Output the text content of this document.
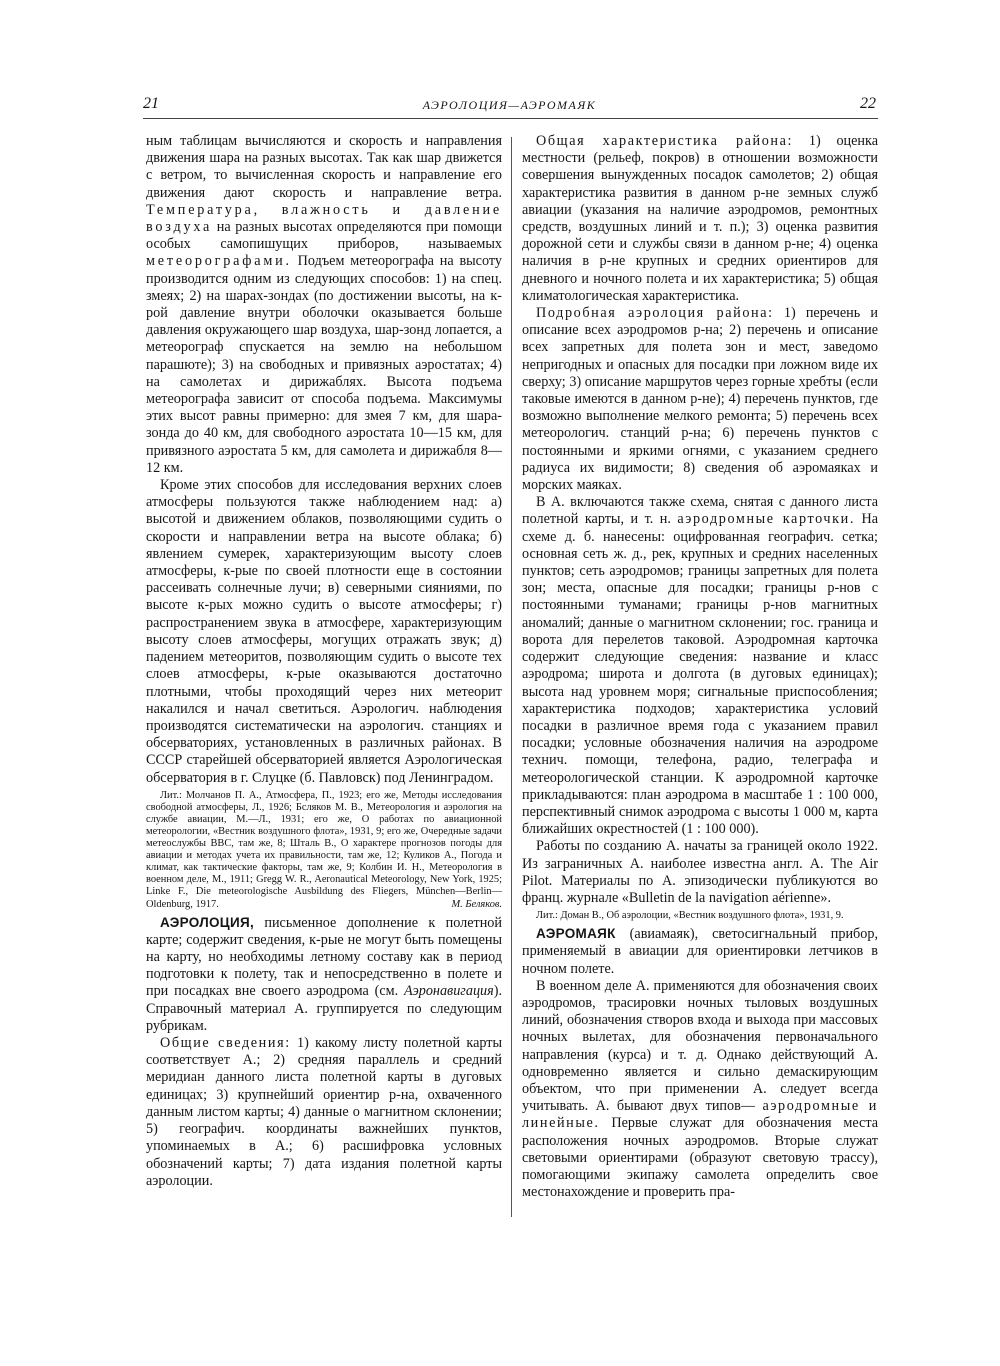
21	АЭРОЛОЦИЯ—АЭРОМАЯК	22

ным таблицам вычисляются и скорость и направления движения шара на разных высотах. Так как шар движется с ветром, то вычисленная скорость и направление его движения дают скорость и направление ветра. Температура, влажность и давление воздуха на разных высотах определяются при помощи особых самопишущих приборов, называемых метеорографами. Подъем метеорографа на высоту производится одним из следующих способов: 1) на спец. змеях; 2) на шарах-зондах (по достижении высоты, на к-рой давление внутри оболочки оказывается больше давления окружающего шар воздуха, шар-зонд лопается, а метеорограф спускается на землю на небольшом парашюте); 3) на свободных и привязных аэростатах; 4) на самолетах и дирижаблях. Высота подъема метеорографа зависит от способа подъема. Максимумы этих высот равны примерно: для змея 7 км, для шара-зонда до 40 км, для свободного аэростата 10—15 км, для привязного аэростата 5 км, для самолета и дирижабля 8—12 км.

Кроме этих способов для исследования верхних слоев атмосферы пользуются также наблюдением над: а) высотой и движением облаков, позволяющими судить о скорости и направлении ветра на высоте облака; б) явлением сумерек, характеризующим высоту слоев атмосферы, к-рые по своей плотности еще в состоянии рассеивать солнечные лучи; в) северными сияниями, по высоте к-рых можно судить о высоте атмосферы; г) распространением звука в атмосфере, характеризующим высоту слоев атмосферы, могущих отражать звук; д) падением метеоритов, позволяющим судить о высоте тех слоев атмосферы, к-рые оказываются достаточно плотными, чтобы проходящий через них метеорит накалился и начал светиться. Аэрологич. наблюдения производятся систематически на аэрологич. станциях и обсерваториях, установленных в различных районах. В СССР старейшей обсерваторией является Аэрологическая обсерватория в г. Слуцке (б. Павловск) под Ленинградом.

Лит.: Молчанов П. А., Атмосфера, П., 1923; его же, Методы исследования свободной атмосферы, Л., 1926; Бсляков М. В., Метеорология и аэрология на службе авиации, М.—Л., 1931; его же, О работах по авиационной метеорологии, «Вестник воздушного флота», 1931, 9; его же, Очередные задачи метеослужбы ВВС, там же, 8; Шталь В., О характере прогнозов погоды для авиации и методах учета их правильности, там же, 12; Куликов А., Погода и климат, как тактические факторы, там же, 9; Колбин И. Н., Метеорология в военном деле, М., 1911; Gregg W. R., Aeronautical Meteorology, New York, 1925; Linke F., Die meteorologische Ausbildung des Fliegers, München—Berlin—Oldenburg, 1917.	М. Беляков.

АЭРОЛОЦИЯ, письменное дополнение к полетной карте; содержит сведения, к-рые не могут быть помещены на карту, но необходимы летному составу как в период подготовки к полету, так и непосредственно в полете и при посадках вне своего аэродрома (см. Аэронавигация). Справочный материал А. группируется по следующим рубрикам.

Общие сведения: 1) какому листу полетной карты соответствует А.; 2) средняя параллель и средний меридиан данного листа полетной карты в дуговых единицах; 3) крупнейший ориентир р-на, охваченного данным листом карты; 4) данные о магнитном склонении; 5) географич. координаты важнейших пунктов, упоминаемых в А.; 6) расшифровка условных обозначений карты; 7) дата издания полетной карты аэролоции.

Общая характеристика района: 1) оценка местности (рельеф, покров) в отношении возможности совершения вынужденных посадок самолетов; 2) общая характеристика развития в данном р-не земных служб авиации (указания на наличие аэродромов, ремонтных средств, воздушных линий и т. п.); 3) оценка развития дорожной сети и службы связи в данном р-не; 4) оценка наличия в р-не крупных и средних ориентиров для дневного и ночного полета и их характеристика; 5) общая климатологическая характеристика.

Подробная аэролоция района: 1) перечень и описание всех аэродромов р-на; 2) перечень и описание всех запретных для полета зон и мест, заведомо непригодных и опасных для посадки при ложном виде их сверху; 3) описание маршрутов через горные хребты (если таковые имеются в данном р-не); 4) перечень пунктов, где возможно выполнение мелкого ремонта; 5) перечень всех метеорологич. станций р-на; 6) перечень пунктов с постоянными и яркими огнями, с указанием среднего радиуса их видимости; 8) сведения об аэромаяках и морских маяках.

В А. включаются также схема, снятая с данного листа полетной карты, и т. н. аэродромные карточки. На схеме д. б. нанесены: оцифрованная географич. сетка; основная сеть ж. д., рек, крупных и средних населенных пунктов; сеть аэродромов; границы запретных для полета зон; места, опасные для посадки; границы р-нов с постоянными туманами; границы р-нов магнитных аномалий; данные о магнитном склонении; гос. граница и ворота для перелетов таковой. Аэродромная карточка содержит следующие сведения: название и класс аэродрома; широта и долгота (в дуговых единицах); высота над уровнем моря; сигнальные приспособления; характеристика подходов; характеристика условий посадки в различное время года с указанием правил посадки; условные обозначения наличия на аэродроме технич. помощи, телефона, радио, телеграфа и метеорологической станции. К аэродромной карточке прикладываются: план аэродрома в масштабе 1 : 100 000, перспективный снимок аэродрома с высоты 1 000 м, карта ближайших окрестностей (1 : 100 000).

Работы по созданию А. начаты за границей около 1922. Из заграничных А. наиболее известна англ. А. The Air Pilot. Материалы по А. эпизодически публикуются во франц. журнале «Bulletin de la navigation aérienne».

Лит.: Доман В., Об аэролоции, «Вестник воздушного флота», 1931, 9.

АЭРОМАЯК (авиамаяк), светосигнальный прибор, применяемый в авиации для ориентировки летчиков в ночном полете.

В военном деле А. применяются для обозначения своих аэродромов, трасировки ночных тыловых воздушных линий, обозначения створов входа и выхода при массовых ночных вылетах, для обозначения первоначального направления (курса) и т. д. Однако действующий А. одновременно является и сильно демаскирующим объектом, что при применении А. следует всегда учитывать. А. бывают двух типов— аэродромные и линейные. Первые служат для обозначения места расположения ночных аэродромов. Вторые служат световыми ориентирами (образуют световую трассу), помогающими экипажу самолета определить свое местонахождение и проверить пра-
